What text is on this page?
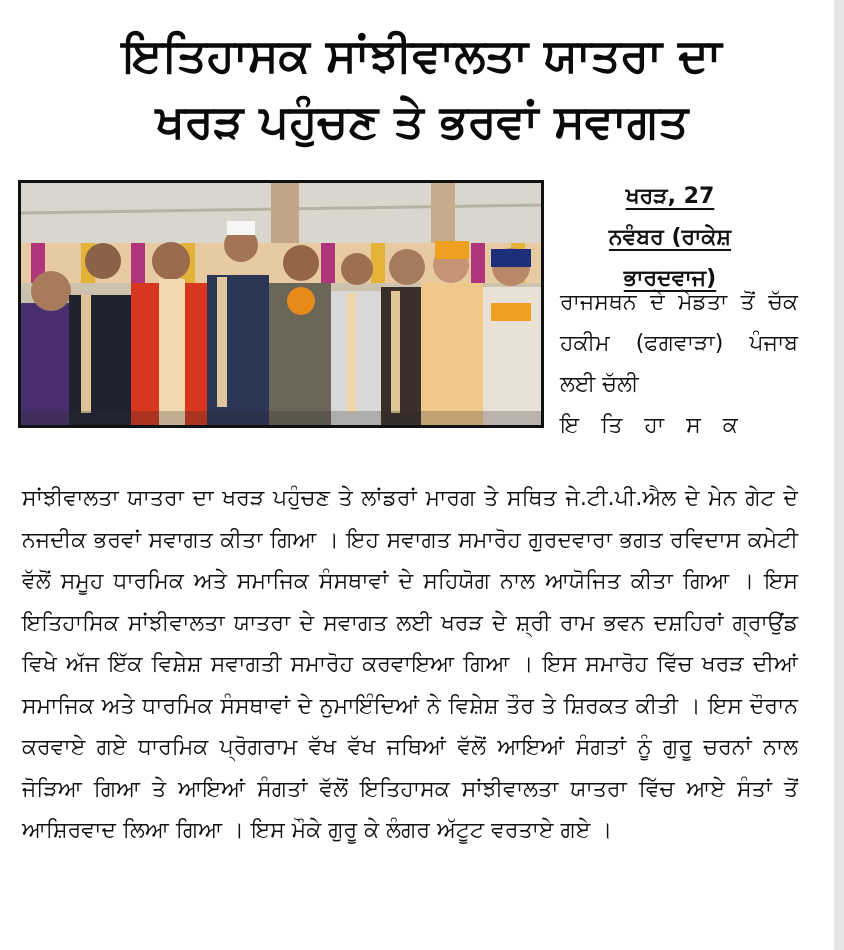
ਇਤਿਹਾਸਕ ਸਾਂਝੀਵਾਲਤਾ ਯਾਤਰਾ ਦਾ
ਖਰੜ ਪਹੁੰਚਣ ਤੇ ਭਰਵਾਂ ਸਵਾਗਤ
ਖਰੜ, 27
ਨਵੰਬਰ (ਰਾਕੇਸ਼
ਭਾਰਦਵਾਜ)
ਰਾਜਸਥਨ ਦੇ ਮੇਡਤਾ ਤੋਂ ਚੱਕ ਹਕੀਮ (ਫਗਵਾੜਾ) ਪੰਜਾਬ ਲਈ ਚੱਲੀ
ਇਤਿਹਾਸਕ
ਸਾਂਝੀਵਾਲਤਾ ਯਾਤਰਾ ਦਾ ਖਰੜ ਪਹੁੰਚਣ ਤੇ ਲਾਂਡਰਾਂ ਮਾਰਗ ਤੇ ਸਥਿਤ ਜੇ.ਟੀ.ਪੀ.ਐਲ ਦੇ ਮੇਨ ਗੇਟ ਦੇ ਨਜਦੀਕ ਭਰਵਾਂ ਸਵਾਗਤ ਕੀਤਾ ਗਿਆ । ਇਹ ਸਵਾਗਤ ਸਮਾਰੋਹ ਗੁਰਦਵਾਰਾ ਭਗਤ ਰਵਿਦਾਸ ਕਮੇਟੀ ਵੱਲੋਂ ਸਮੂਹ ਧਾਰਮਿਕ ਅਤੇ ਸਮਾਜਿਕ ਸੰਸਥਾਵਾਂ ਦੇ ਸਹਿਯੋਗ ਨਾਲ ਆਯੋਜਿਤ ਕੀਤਾ ਗਿਆ । ਇਸ ਇਤਿਹਾਸਿਕ ਸਾਂਝੀਵਾਲਤਾ ਯਾਤਰਾ ਦੇ ਸਵਾਗਤ ਲਈ ਖਰੜ ਦੇ ਸ਼੍ਰੀ ਰਾਮ ਭਵਨ ਦਸ਼ਹਿਰਾਂ ਗ੍ਰਾਉਂਡ ਵਿਖੇ ਅੱਜ ਇੱਕ ਵਿਸ਼ੇਸ਼ ਸਵਾਗਤੀ ਸਮਾਰੋਹ ਕਰਵਾਇਆ ਗਿਆ । ਇਸ ਸਮਾਰੋਹ ਵਿੱਚ ਖਰੜ ਦੀਆਂ ਸਮਾਜਿਕ ਅਤੇ ਧਾਰਮਿਕ ਸੰਸਥਾਵਾਂ ਦੇ ਨੁਮਾਇੰਦਿਆਂ ਨੇ ਵਿਸ਼ੇਸ਼ ਤੌਰ ਤੇ ਸ਼ਿਰਕਤ ਕੀਤੀ । ਇਸ ਦੌਰਾਨ ਕਰਵਾਏ ਗਏ ਧਾਰਮਿਕ ਪ੍ਰੋਗਰਾਮ ਵੱਖ ਵੱਖ ਜਥਿਆਂ ਵੱਲੋਂ ਆਇਆਂ ਸੰਗਤਾਂ ਨੂੰ ਗੁਰੂ ਚਰਨਾਂ ਨਾਲ ਜੋੜਿਆ ਗਿਆ ਤੇ ਆਇਆਂ ਸੰਗਤਾਂ ਵੱਲੋਂ ਇਤਿਹਾਸਕ ਸਾਂਝੀਵਾਲਤਾ ਯਾਤਰਾ ਵਿੱਚ ਆਏ ਸੰਤਾਂ ਤੋਂ ਆਸ਼ਿਰਵਾਦ ਲਿਆ ਗਿਆ । ਇਸ ਮੌਕੇ ਗੁਰੂ ਕੇ ਲੰਗਰ ਅੱਟੂਟ ਵਰਤਾਏ ਗਏ ।
